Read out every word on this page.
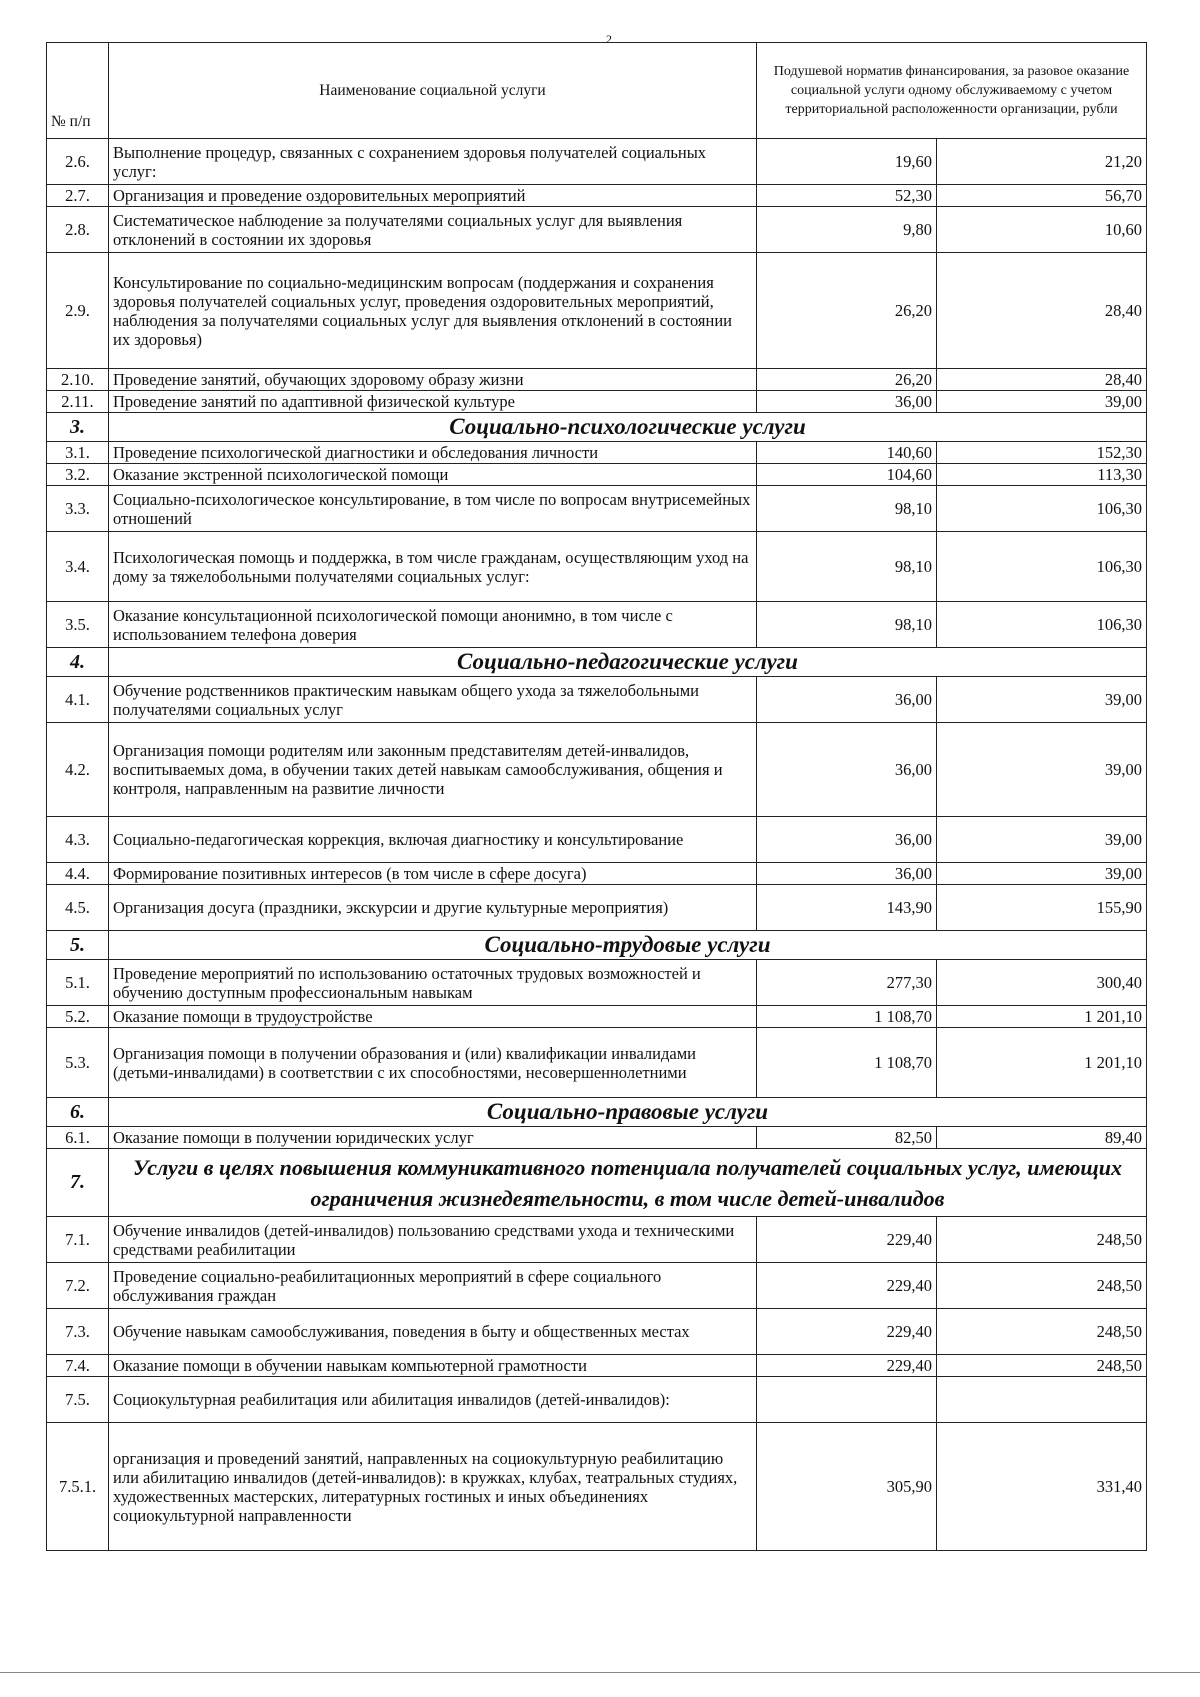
2
№ п/п	Наименование социальной услуги	Подушевой норматив финансирования, за разовое оказание социальной услуги одному обслуживаемому с учетом территориальной расположенности организации, рубли	
2.6.	Выполнение процедур, связанных с сохранением здоровья получателей социальных услуг:	19,60	21,20
2.7.	Организация и проведение оздоровительных мероприятий	52,30	56,70
2.8.	Систематическое наблюдение за получателями социальных услуг для выявления отклонений в состоянии их здоровья	9,80	10,60
2.9.	Консультирование по социально-медицинским вопросам (поддержания и сохранения здоровья получателей социальных услуг, проведения оздоровительных мероприятий, наблюдения за получателями социальных услуг для выявления отклонений в состоянии их здоровья)	26,20	28,40
2.10.	Проведение занятий, обучающих здоровому образу жизни	26,20	28,40
2.11.	Проведение занятий по адаптивной физической культуре	36,00	39,00
3.	Социально-психологические услуги		
3.1.	Проведение психологической диагностики и обследования личности	140,60	152,30
3.2.	Оказание экстренной психологической помощи	104,60	113,30
3.3.	Социально-психологическое консультирование, в том числе по вопросам внутрисемейных отношений	98,10	106,30
3.4.	Психологическая помощь и поддержка, в том числе гражданам, осуществляющим уход на дому за тяжелобольными получателями социальных услуг:	98,10	106,30
3.5.	Оказание консультационной психологической помощи анонимно, в том числе с использованием телефона доверия	98,10	106,30
4.	Социально-педагогические услуги		
4.1.	Обучение родственников практическим навыкам общего ухода за тяжелобольными получателями социальных услуг	36,00	39,00
4.2.	Организация помощи родителям или законным представителям детей-инвалидов, воспитываемых дома, в обучении таких детей навыкам самообслуживания, общения и контроля, направленным на развитие личности	36,00	39,00
4.3.	Социально-педагогическая коррекция, включая диагностику и консультирование	36,00	39,00
4.4.	Формирование позитивных интересов (в том числе в сфере досуга)	36,00	39,00
4.5.	Организация досуга (праздники, экскурсии и другие культурные мероприятия)	143,90	155,90
5.	Социально-трудовые услуги		
5.1.	Проведение мероприятий по использованию остаточных трудовых возможностей и обучению доступным профессиональным навыкам	277,30	300,40
5.2.	Оказание помощи в трудоустройстве	1 108,70	1 201,10
5.3.	Организация помощи в получении образования и (или) квалификации инвалидами (детьми-инвалидами) в соответствии с их способностями, несовершеннолетними	1 108,70	1 201,10
6.	Социально-правовые услуги		
6.1.	Оказание помощи в получении юридических услуг	82,50	89,40
7.	Услуги в целях повышения коммуникативного потенциала получателей социальных услуг, имеющих ограничения жизнедеятельности, в том числе детей-инвалидов		
7.1.	Обучение инвалидов (детей-инвалидов) пользованию средствами ухода и техническими средствами реабилитации	229,40	248,50
7.2.	Проведение социально-реабилитационных мероприятий в сфере социального обслуживания граждан	229,40	248,50
7.3.	Обучение навыкам самообслуживания, поведения в быту и общественных местах	229,40	248,50
7.4.	Оказание помощи в обучении навыкам компьютерной грамотности	229,40	248,50
7.5.	Социокультурная реабилитация или абилитация инвалидов (детей-инвалидов):		
7.5.1.	организация и проведений занятий, направленных на социокультурную реабилитацию или абилитацию инвалидов (детей-инвалидов): в кружках, клубах, театральных студиях, художественных мастерских, литературных гостиных и иных объединениях социокультурной направленности	305,90	331,40
